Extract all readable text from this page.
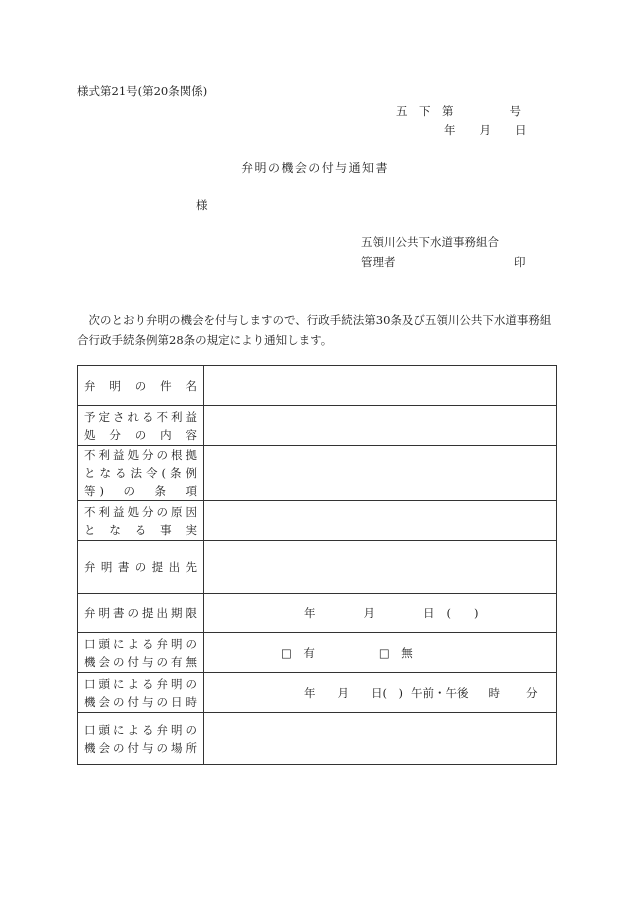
様式第21号(第20条関係)
五　下　第	号
年 月 日
弁明の機会の付与通知書
様
五領川公共下水道事務組合
管理者	印
　次のとおり弁明の機会を付与しますので、行政手続法第30条及び五領川公共下水道事務組合行政手続条例第28条の規定により通知します。
弁　明　の　件　名	

予定される不利益
処　分　の　内　容	

不利益処分の根拠
となる法令(条例
等)　の　条　項	

不利益処分の原因
と　な　る　事　実	

弁明書の提出先	

弁明書の提出期限	年 月 日 (　　)

口頭による弁明の
機会の付与の有無	□　有 □　無

口頭による弁明の
機会の付与の日時	年 月 日(　) 午前・午後 時 分

口頭による弁明の
機会の付与の場所	
